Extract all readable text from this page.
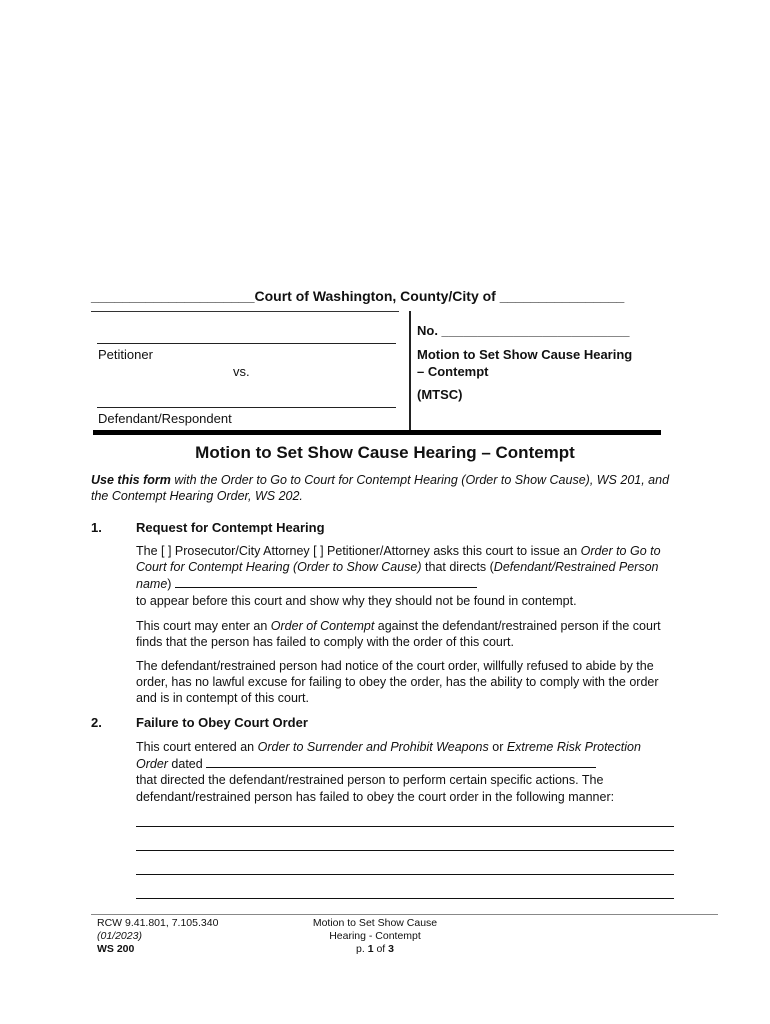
_____________________Court of Washington, County/City of ________________
Petitioner
vs.
Defendant/Respondent
No. __________________________
Motion to Set Show Cause Hearing
– Contempt
(MTSC)
Motion to Set Show Cause Hearing – Contempt
Use this form with the Order to Go to Court for Contempt Hearing (Order to Show Cause), WS 201, and the Contempt Hearing Order, WS 202.
1.	Request for Contempt Hearing
The [ ] Prosecutor/City Attorney [ ] Petitioner/Attorney asks this court to issue an Order to Go to Court for Contempt Hearing (Order to Show Cause) that directs (Defendant/Restrained Person name)
to appear before this court and show why they should not be found in contempt.
This court may enter an Order of Contempt against the defendant/restrained person if the court finds that the person has failed to comply with the order of this court.
The defendant/restrained person had notice of the court order, willfully refused to abide by the order, has no lawful excuse for failing to obey the order, has the ability to comply with the order and is in contempt of this court.
2.	Failure to Obey Court Order
This court entered an Order to Surrender and Prohibit Weapons or Extreme Risk Protection Order dated
that directed the defendant/restrained person to perform certain specific actions. The defendant/restrained person has failed to obey the court order in the following manner:
RCW 9.41.801, 7.105.340
(01/2023)
WS 200
Motion to Set Show Cause
Hearing - Contempt
p. 1 of 3
